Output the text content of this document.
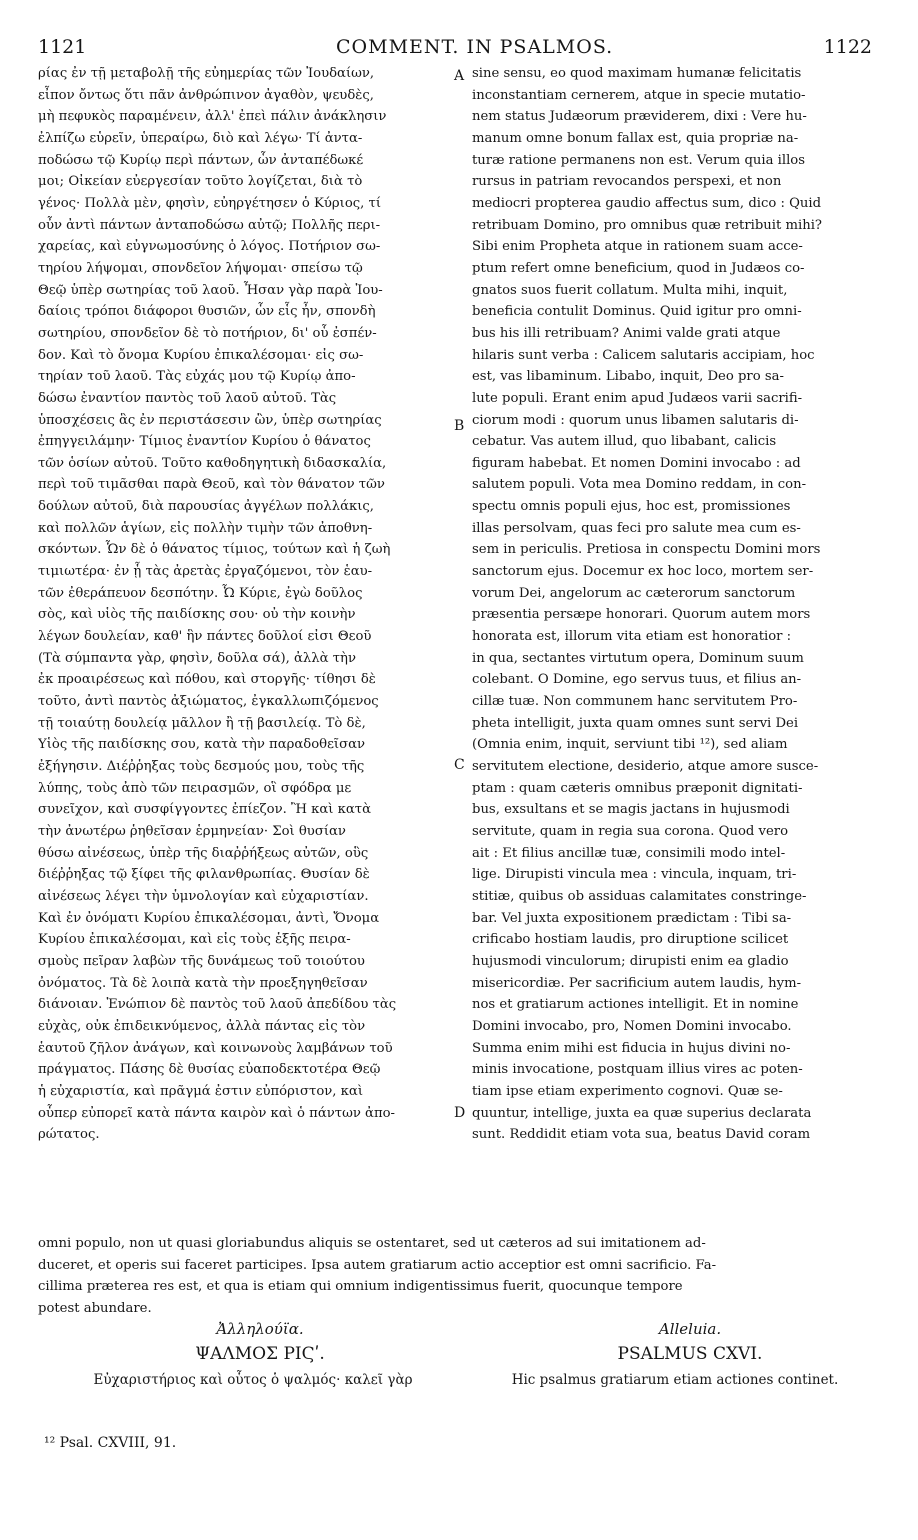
1121	COMMENT. IN PSALMOS.	1122
ρίας ἐν τῇ μεταβολῇ τῆς εὐημερίας τῶν Ἰουδαίων,
εἶπον ὄντως ὅτι πᾶν ἀνθρώπινον ἀγαθὸν, ψευδὲς,
μὴ πεφυκὸς παραμένειν, ἀλλ' ἐπεὶ πάλιν ἀνάκλησιν
ἐλπίζω εὑρεῖν, ὑπεραίρω, διὸ καὶ λέγω· Τί ἀντα-
ποδώσω τῷ Κυρίῳ περὶ πάντων, ὧν ἀνταπέδωκέ
μοι; Οἰκείαν εὐεργεσίαν τοῦτο λογίζεται, διὰ τὸ
γένος· Πολλὰ μὲν, φησὶν, εὐηργέτησεν ὁ Κύριος, τί
οὖν ἀντὶ πάντων ἀνταποδώσω αὐτῷ; Πολλῆς περι-
χαρείας, καὶ εὐγνωμοσύνης ὁ λόγος. Ποτήριον σω-
τηρίου λήψομαι, σπονδεῖον λήψομαι· σπείσω τῷ
Θεῷ ὑπὲρ σωτηρίας τοῦ λαοῦ. Ἦσαν γὰρ παρὰ Ἰου-
δαίοις τρόποι διάφοροι θυσιῶν, ὧν εἷς ἦν, σπονδὴ
σωτηρίου, σπονδεῖον δὲ τὸ ποτήριον, δι' οὗ ἐσπέν-
δον. Καὶ τὸ ὄνομα Κυρίου ἐπικαλέσομαι· εἰς σω-
τηρίαν τοῦ λαοῦ. Τὰς εὐχάς μου τῷ Κυρίῳ ἀπο-
δώσω ἐναντίον παντὸς τοῦ λαοῦ αὐτοῦ. Τὰς
ὑποσχέσεις ἃς ἐν περιστάσεσιν ὢν, ὑπὲρ σωτηρίας
ἐπηγγειλάμην· Τίμιος ἐναντίον Κυρίου ὁ θάνατος
τῶν ὁσίων αὐτοῦ. Τοῦτο καθοδηγητικὴ διδασκαλία,
περὶ τοῦ τιμᾶσθαι παρὰ Θεοῦ, καὶ τὸν θάνατον τῶν
δούλων αὐτοῦ, διὰ παρουσίας ἀγγέλων πολλάκις,
καὶ πολλῶν ἁγίων, εἰς πολλὴν τιμὴν τῶν ἀποθνη-
σκόντων. Ὧν δὲ ὁ θάνατος τίμιος, τούτων καὶ ἡ ζωὴ
τιμιωτέρα· ἐν ᾗ τὰς ἀρετὰς ἐργαζόμενοι, τὸν ἑαυ-
τῶν ἐθεράπευον δεσπότην. Ὦ Κύριε, ἐγὼ δοῦλος
σὸς, καὶ υἱὸς τῆς παιδίσκης σου· οὐ τὴν κοινὴν
λέγων δουλείαν, καθ' ἣν πάντες δοῦλοί εἰσι Θεοῦ
(Τὰ σύμπαντα γὰρ, φησὶν, δοῦλα σά), ἀλλὰ τὴν
ἐκ προαιρέσεως καὶ πόθου, καὶ στοργῆς· τίθησι δὲ
τοῦτο, ἀντὶ παντὸς ἀξιώματος, ἐγκαλλωπιζόμενος
τῇ τοιαύτῃ δουλείᾳ μᾶλλον ἢ τῇ βασιλείᾳ. Τὸ δὲ,
Υἱὸς τῆς παιδίσκης σου, κατὰ τὴν παραδοθεῖσαν
ἐξήγησιν. Διέῤῥηξας τοὺς δεσμούς μου, τοὺς τῆς
λύπης, τοὺς ἀπὸ τῶν πειρασμῶν, οἳ σφόδρα με
συνεῖχον, καὶ συσφίγγοντες ἐπίεζον. Ἢ καὶ κατὰ
τὴν ἀνωτέρω ῥηθεῖσαν ἑρμηνείαν· Σοὶ θυσίαν
θύσω αἰνέσεως, ὑπὲρ τῆς διαῤῥήξεως αὐτῶν, οὓς
διέῤῥηξας τῷ ξίφει τῆς φιλανθρωπίας. Θυσίαν δὲ
αἰνέσεως λέγει τὴν ὑμνολογίαν καὶ εὐχαριστίαν.
Καὶ ἐν ὀνόματι Κυρίου ἐπικαλέσομαι, ἀντὶ, Ὄνομα
Κυρίου ἐπικαλέσομαι, καὶ εἰς τοὺς ἑξῆς πειρα-
σμοὺς πεῖραν λαβὼν τῆς δυνάμεως τοῦ τοιούτου
ὀνόματος. Τὰ δὲ λοιπὰ κατὰ τὴν προεξηγηθεῖσαν
διάνοιαν. Ἐνώπιον δὲ παντὸς τοῦ λαοῦ ἀπεδίδου τὰς
εὐχὰς, οὐκ ἐπιδεικνύμενος, ἀλλὰ πάντας εἰς τὸν
ἑαυτοῦ ζῆλον ἀνάγων, καὶ κοινωνοὺς λαμβάνων τοῦ
πράγματος. Πάσης δὲ θυσίας εὐαποδεκτοτέρα Θεῷ
ἡ εὐχαριστία, καὶ πρᾶγμά ἐστιν εὐπόριστον, καὶ
οὗπερ εὐπορεῖ κατὰ πάντα καιρὸν καὶ ὁ πάντων ἀπο-
ρώτατος.
sine sensu, eo quod maximam humanæ felicitatis
inconstantiam cernerem, atque in specie mutatio-
nem status Judæorum præviderem, dixi : Vere hu-
manum omne bonum fallax est, quia propriæ na-
turæ ratione permanens non est. Verum quia illos
rursus in patriam revocandos perspexi, et non
mediocri propterea gaudio affectus sum, dico : Quid
retribuam Domino, pro omnibus quæ retribuit mihi?
Sibi enim Propheta atque in rationem suam acce-
ptum refert omne beneficium, quod in Judæos co-
gnatos suos fuerit collatum. Multa mihi, inquit,
beneficia contulit Dominus. Quid igitur pro omni-
bus his illi retribuam? Animi valde grati atque
hilaris sunt verba : Calicem salutaris accipiam, hoc
est, vas libaminum. Libabo, inquit, Deo pro sa-
lute populi. Erant enim apud Judæos varii sacrifi-
ciorum modi : quorum unus libamen salutaris di-
cebatur. Vas autem illud, quo libabant, calicis
figuram habebat. Et nomen Domini invocabo : ad
salutem populi. Vota mea Domino reddam, in con-
spectu omnis populi ejus, hoc est, promissiones
illas persolvam, quas feci pro salute mea cum es-
sem in periculis. Pretiosa in conspectu Domini mors
sanctorum ejus. Docemur ex hoc loco, mortem ser-
vorum Dei, angelorum ac cæterorum sanctorum
præsentia persæpe honorari. Quorum autem mors
honorata est, illorum vita etiam est honoratior :
in qua, sectantes virtutum opera, Dominum suum
colebant. O Domine, ego servus tuus, et filius an-
cillæ tuæ. Non communem hanc servitutem Pro-
pheta intelligit, juxta quam omnes sunt servi Dei
(Omnia enim, inquit, serviunt tibi ¹²), sed aliam
servitutem electione, desiderio, atque amore susce-
ptam : quam cæteris omnibus præponit dignitati-
bus, exsultans et se magis jactans in hujusmodi
servitute, quam in regia sua corona. Quod vero
ait : Et filius ancillæ tuæ, consimili modo intel-
lige. Dirupisti vincula mea : vincula, inquam, tri-
stitiæ, quibus ob assiduas calamitates constringe-
bar. Vel juxta expositionem prædictam : Tibi sa-
crificabo hostiam laudis, pro diruptione scilicet
hujusmodi vinculorum; dirupisti enim ea gladio
misericordiæ. Per sacrificium autem laudis, hym-
nos et gratiarum actiones intelligit. Et in nomine
Domini invocabo, pro, Nomen Domini invocabo.
Summa enim mihi est fiducia in hujus divini no-
minis invocatione, postquam illius vires ac poten-
tiam ipse etiam experimento cognovi. Quæ se-
quuntur, intellige, juxta ea quæ superius declarata
sunt. Reddidit etiam vota sua, beatus David coram
A
B
C
D
omni populo, non ut quasi gloriabundus aliquis se ostentaret, sed ut cæteros ad sui imitationem ad-
duceret, et operis sui faceret participes. Ipsa autem gratiarum actio acceptior est omni sacrificio. Fa-
cillima præterea res est, et qua is etiam qui omnium indigentissimus fuerit, quocunque tempore
potest abundare.
Ἀλληλούϊα.
ΨΑΛΜΟΣ ΡΙϚʹ.
Εὐχαριστήριος καὶ οὗτος ὁ ψαλμός· καλεῖ γὰρ
Alleluia.
PSALMUS CXVI.
Hic psalmus gratiarum etiam actiones continet.
¹² Psal. CXVIII, 91.
